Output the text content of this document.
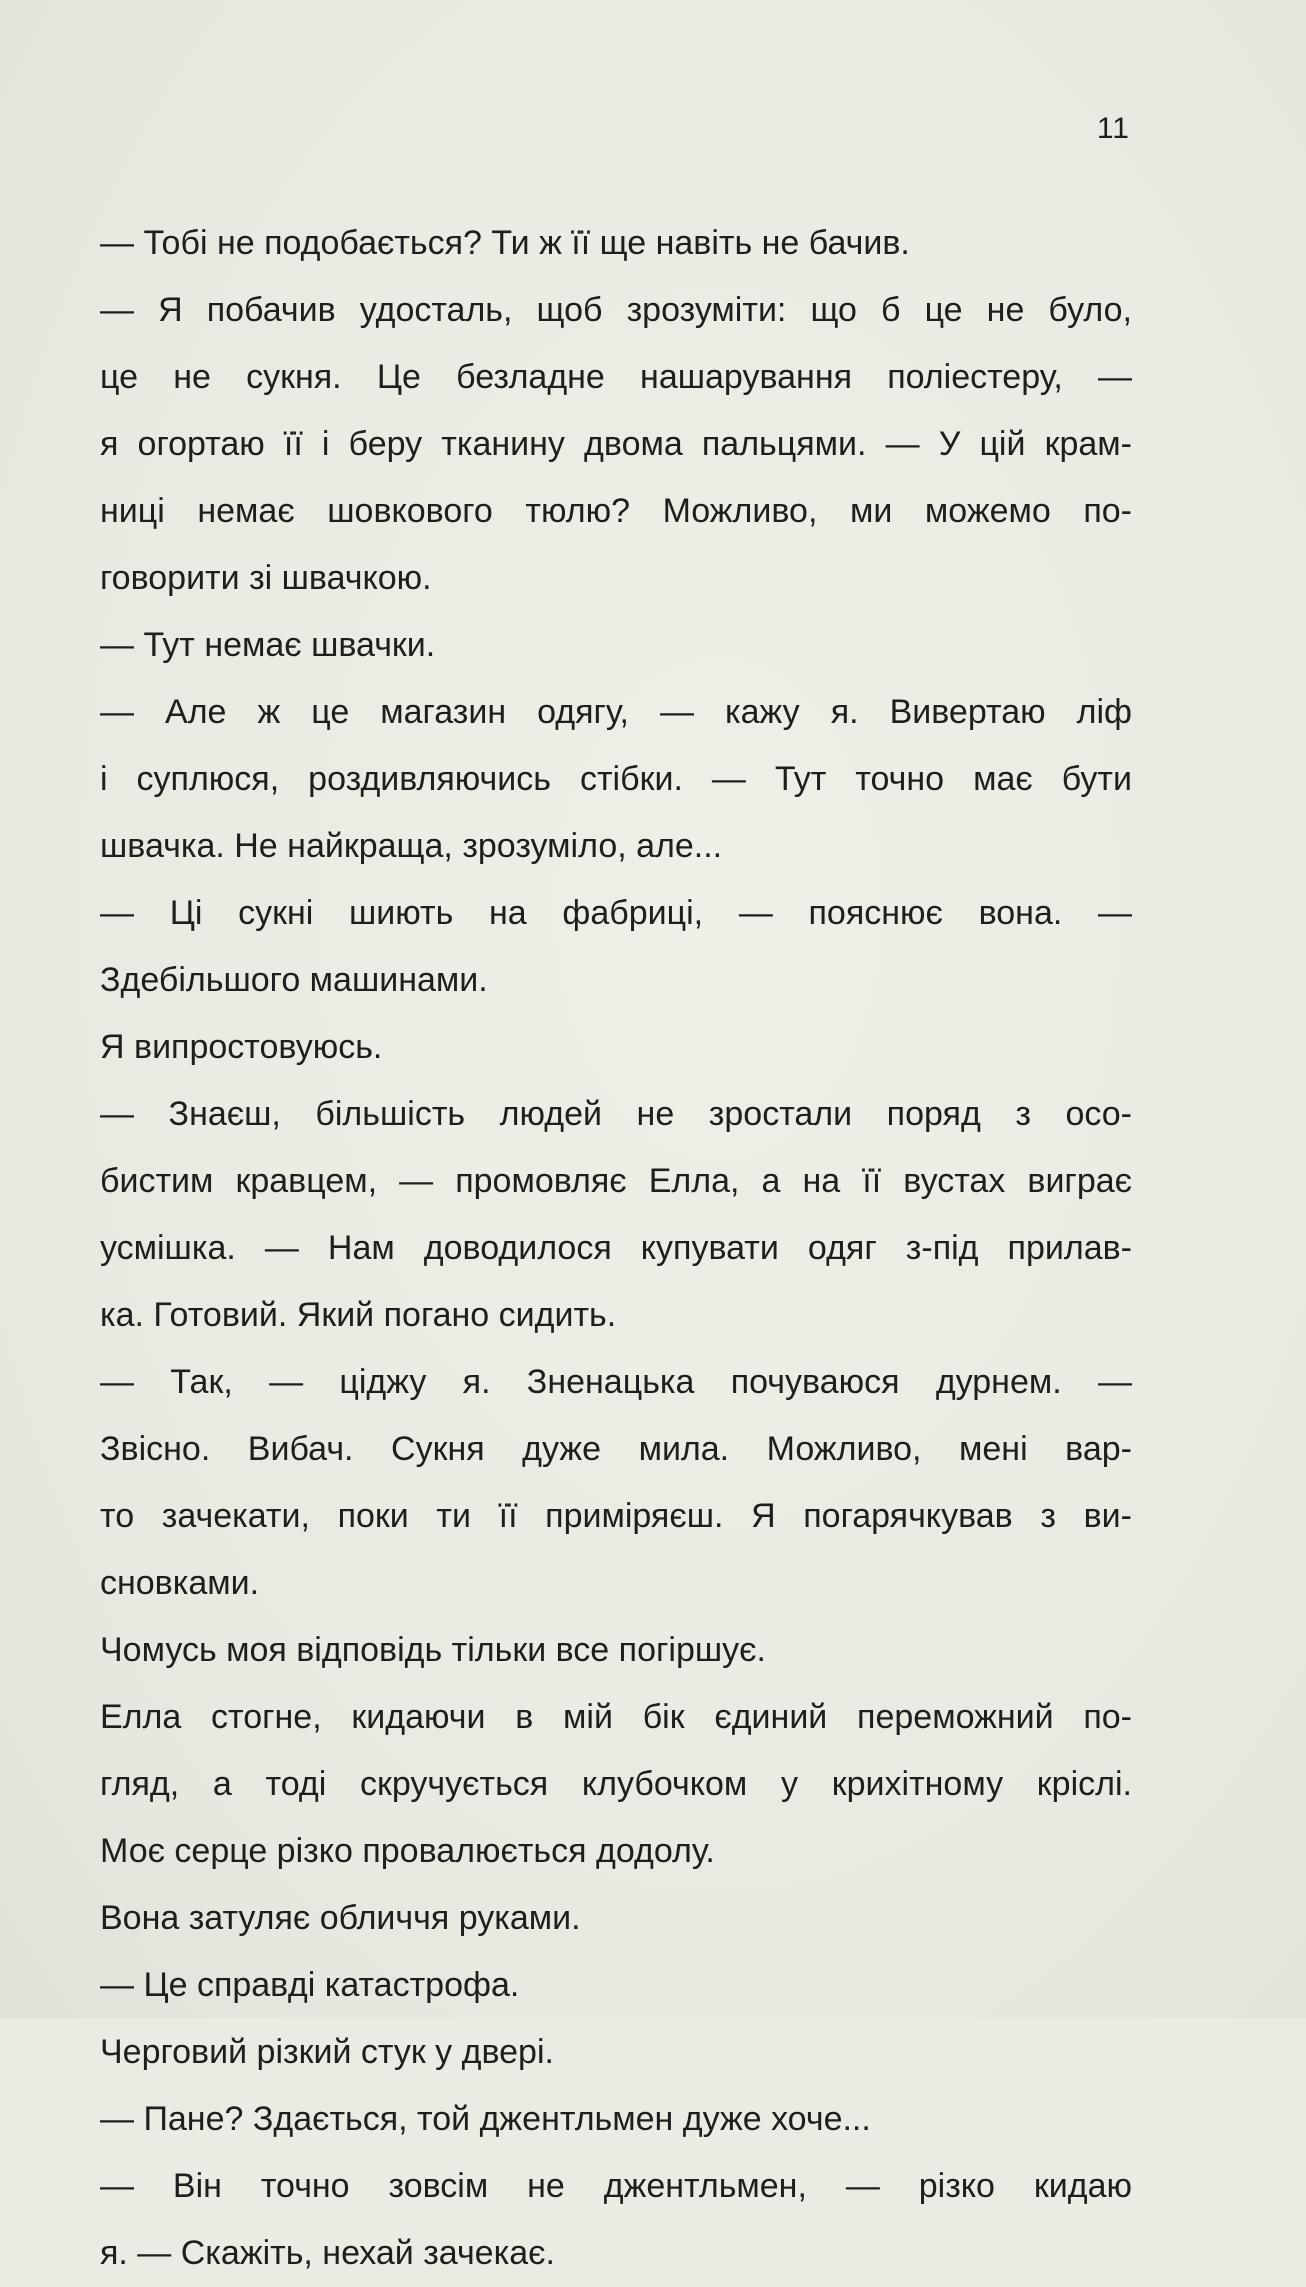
11
— Тобі не подобається? Ти ж її ще навіть не бачив.
— Я побачив удосталь, щоб зрозуміти: що б це не було,
це не сукня. Це безладне нашарування поліестеру, —
я огортаю її і беру тканину двома пальцями. — У цій крам-
ниці немає шовкового тюлю? Можливо, ми можемо по-
говорити зі швачкою.
— Тут немає швачки.
— Але ж це магазин одягу, — кажу я. Вивертаю ліф
і суплюся, роздивляючись стібки. — Тут точно має бути
швачка. Не найкраща, зрозуміло, але...
— Ці сукні шиють на фабриці, — пояснює вона. —
Здебільшого машинами.
Я випростовуюсь.
— Знаєш, більшість людей не зростали поряд з осо-
бистим кравцем, — промовляє Елла, а на її вустах виграє
усмішка. — Нам доводилося купувати одяг з-під прилав-
ка. Готовий. Який погано сидить.
— Так, — ціджу я. Зненацька почуваюся дурнем. —
Звісно. Вибач. Сукня дуже мила. Можливо, мені вар-
то зачекати, поки ти її приміряєш. Я погарячкував з ви-
сновками.
Чомусь моя відповідь тільки все погіршує.
Елла стогне, кидаючи в мій бік єдиний переможний по-
гляд, а тоді скручується клубочком у крихітному кріслі.
Моє серце різко провалюється додолу.
Вона затуляє обличчя руками.
— Це справді катастрофа.
Черговий різкий стук у двері.
— Пане? Здається, той джентльмен дуже хоче...
— Він точно зовсім не джентльмен, — різко кидаю
я. — Скажіть, нехай зачекає.
